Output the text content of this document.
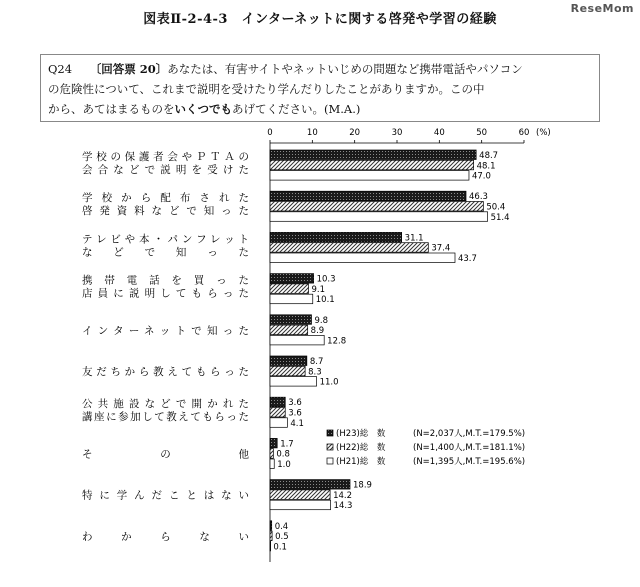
図表Ⅱ-2-4-3　インターネットに関する啓発や学習の経験
ReseMom
Q24 〔回答票 20〕あなたは、有害サイトやネットいじめの問題など携帯電話やパソコン
の危険性について、これまで説明を受けたり学んだりしたことがありますか。この中
から、あてはまるものをいくつでもあげてください。(M.A.)
0	10	20	30	40	50	60 (%)
学校の保護者会やＰＴＡの
会合などで説明を受けた
学校から配布された
啓発資料などで知った
テレビや本・パンフレット
などで知った
携帯電話を買った
店員に説明してもらった
インターネットで知った
友だちから教えてもらった
公共施設などで開かれた
講座に参加して教えてもらった
その他
特に学んだことはない
わからない
48.7
46.3
31.1
10.3
9.8
8.7
3.6
1.7
18.9
0.4
48.1
50.4
37.4
9.1
8.9
8.3
3.6
0.8
14.2
0.5
47.0
51.4
43.7
10.1
12.8
11.0
4.1
1.0
14.3
0.1
(H23)総　数	(N=2,037人,M.T.=179.5%)
(H22)総　数	(N=1,400人,M.T.=181.1%)
(H21)総　数	(N=1,395人,M.T.=195.6%)
